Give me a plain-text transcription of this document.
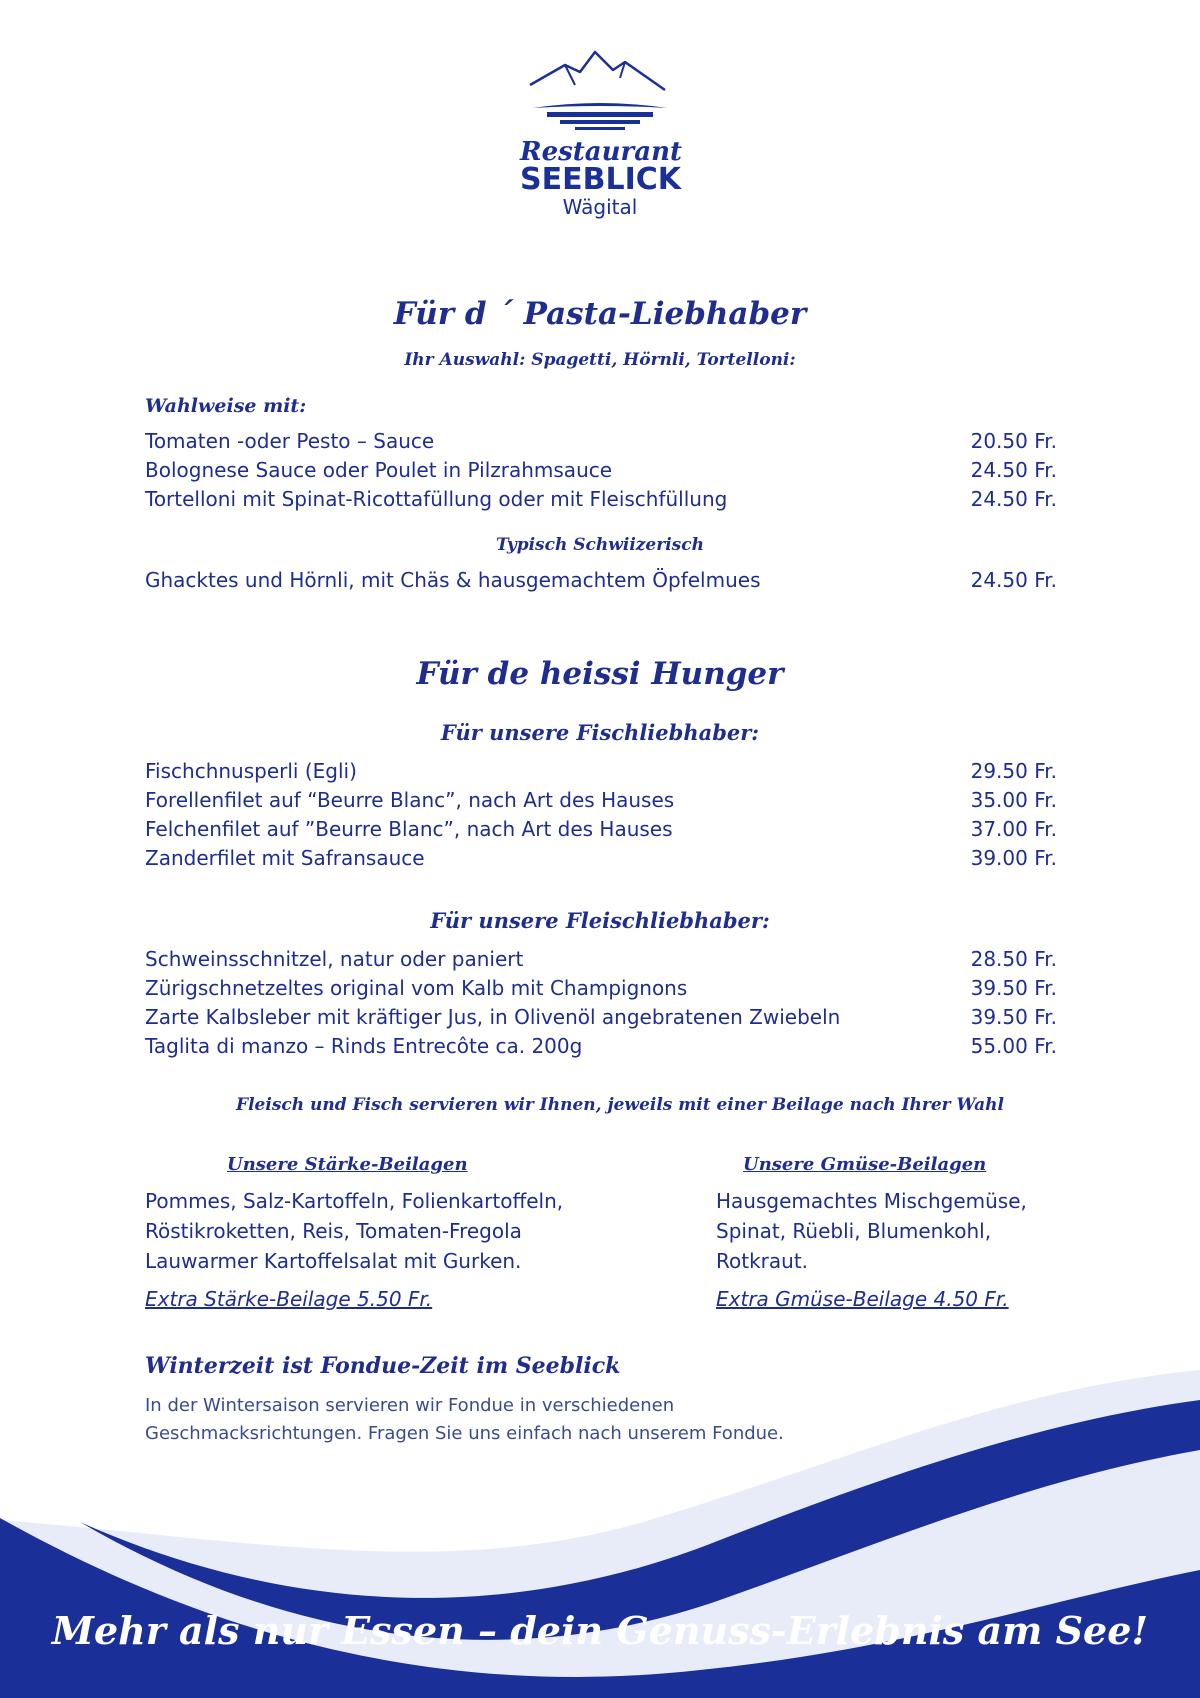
Restaurant
SEEBLICK
Wägital
Für d ´ Pasta-Liebhaber
Ihr Auswahl: Spagetti, Hörnli, Tortelloni:
Wahlweise mit:
Tomaten -oder Pesto – Sauce	20.50 Fr.
Bolognese Sauce oder Poulet in Pilzrahmsauce	24.50 Fr.
Tortelloni mit Spinat-Ricottafüllung oder mit Fleischfüllung	24.50 Fr.
Typisch Schwiizerisch
Ghacktes und Hörnli, mit Chäs & hausgemachtem Öpfelmues	24.50 Fr.
Für de heissi Hunger
Für unsere Fischliebhaber:
Fischchnusperli (Egli)	29.50 Fr.
Forellenfilet auf “Beurre Blanc”, nach Art des Hauses	35.00 Fr.
Felchenfilet auf ”Beurre Blanc”, nach Art des Hauses	37.00 Fr.
Zanderfilet mit Safransauce	39.00 Fr.
Für unsere Fleischliebhaber:
Schweinsschnitzel, natur oder paniert	28.50 Fr.
Zürigschnetzeltes original vom Kalb mit Champignons	39.50 Fr.
Zarte Kalbsleber mit kräftiger Jus, in Olivenöl angebratenen Zwiebeln	39.50 Fr.
Taglita di manzo – Rinds Entrecôte ca. 200g	55.00 Fr.
Fleisch und Fisch servieren wir Ihnen, jeweils mit einer Beilage nach Ihrer Wahl
Unsere Stärke-Beilagen
Pommes, Salz-Kartoffeln, Folienkartoffeln,
Röstikroketten, Reis, Tomaten-Fregola
Lauwarmer Kartoffelsalat mit Gurken.
Extra Stärke-Beilage 5.50 Fr.
Unsere Gmüse-Beilagen
Hausgemachtes Mischgemüse,
Spinat, Rüebli, Blumenkohl,
Rotkraut.
Extra Gmüse-Beilage 4.50 Fr.
Winterzeit ist Fondue-Zeit im Seeblick
In der Wintersaison servieren wir Fondue in verschiedenen
Geschmacksrichtungen. Fragen Sie uns einfach nach unserem Fondue.
Mehr als nur Essen – dein Genuss-Erlebnis am See!
